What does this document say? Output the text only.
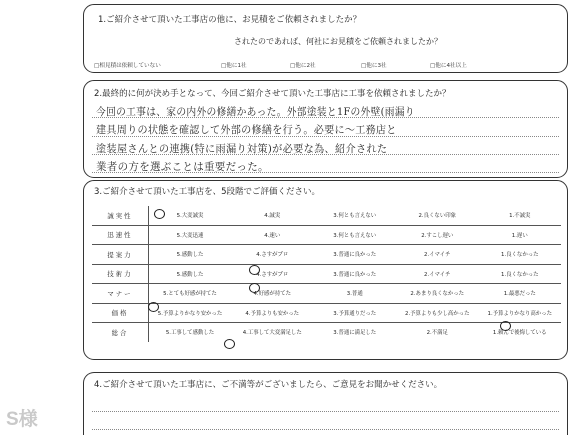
1.ご紹介させて頂いた工事店の他に、お見積をご依頼されましたか？
されたのであれば、何社にお見積をご依頼されましたか？
□相見積は依頼していない	□他に1社	□他に2社	□他に3社	□他に4社以上
2.最終的に何が決め手となって、今回ご紹介させて頂いた工事店に工事を依頼されましたか？
今回の工事は、家の内外の修繕かあった。外部塗装と1Fの外壁(雨漏り
建具周りの状態を確認して外部の修繕を行う。必要に〜工務店と
塗装屋さんとの連携(特に雨漏り対策)が必要な為、紹介された
業者の方を選ぶことは重要だった。
3.ご紹介させて頂いた工事店を、5段階でご評価ください。
誠実性	5.大変誠実	4.誠実	3.何とも言えない	2.良くない印象	1.不誠実
迅速性	5.大変迅速	4.速い	3.何とも言えない	2.すこし遅い	1.遅い
提案力	5.感動した	4.さすがプロ	3.普通に良かった	2.イマイチ	1.良くなかった
技術力	5.感動した	4.さすがプロ	3.普通に良かった	2.イマイチ	1.良くなかった
マナー	5.とても好感が持てた	4.好感が持てた	3.普通	2.あまり良くなかった	1.最悪だった
価格	5.予算よりかなり安かった	4.予算よりも安かった	3.予算通りだった	2.予算よりも少し高かった	1.予算よりかなり高かった
総合	5.工事して感動した	4.工事して大変満足した	3.普通に満足した	2.不満足	1.頼んで後悔している
4.ご紹介させて頂いた工事店に、ご不満等がございましたら、ご意見をお聞かせください。
S様
